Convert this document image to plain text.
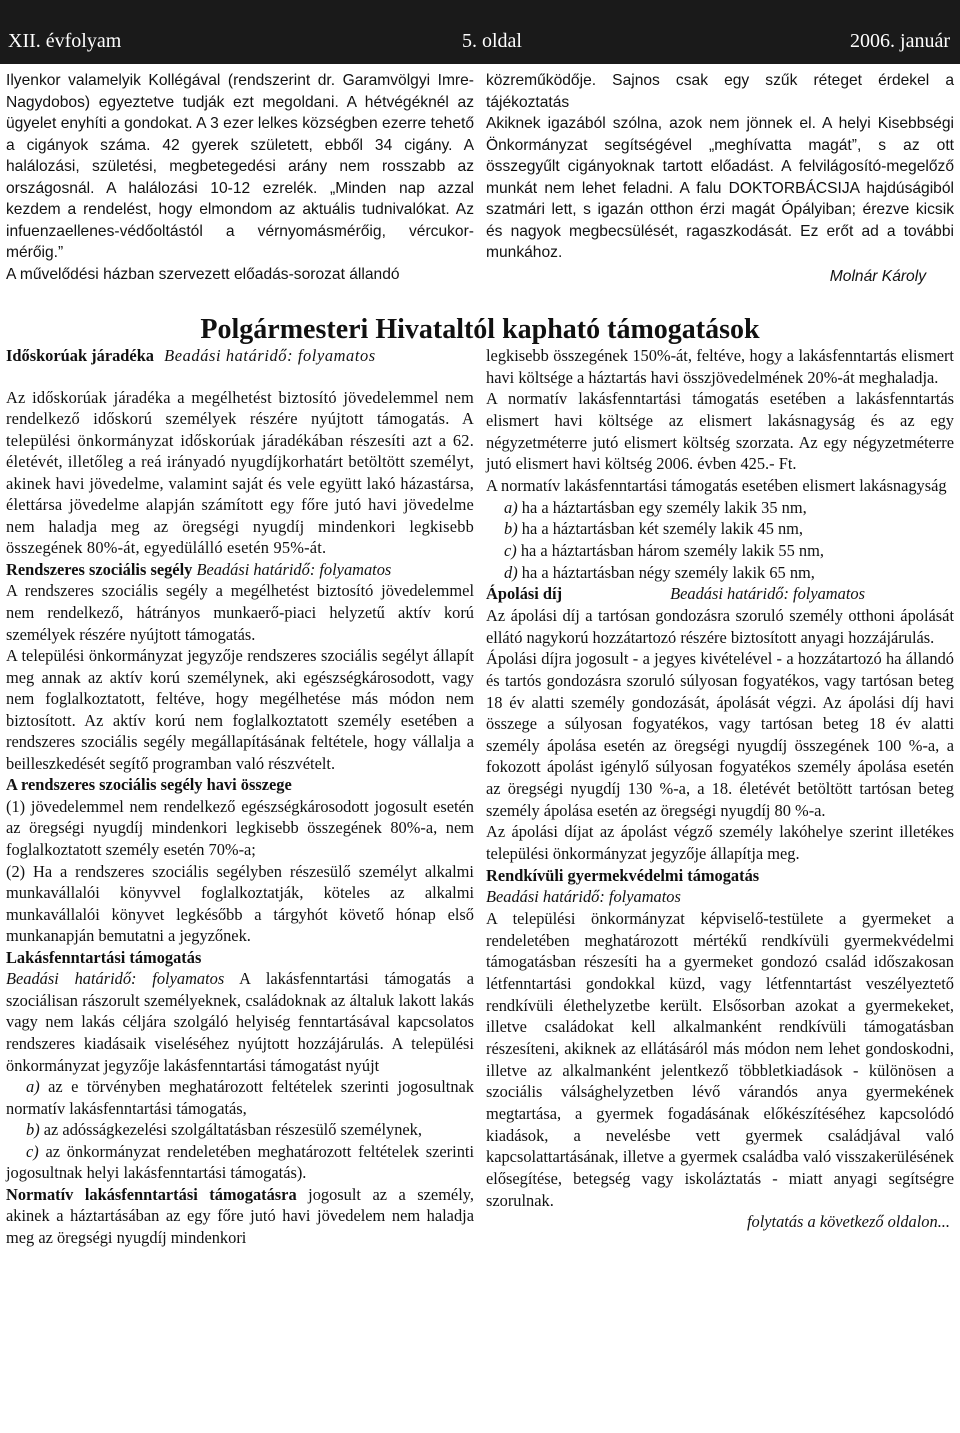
XII. évfolyam	5. oldal	2006. január

Ilyenkor valamelyik Kollégával (rendszerint dr. Garamvölgyi Imre- Nagydobos) egyeztetve tudják ezt megoldani. A hétvégéknél az ügyelet enyhíti a gondokat. A 3 ezer lelkes községben ezerre tehető a cigányok száma. 42 gyerek született, ebből 34 cigány. A halálozási, születési, megbetegedési arány nem rosszabb az országosnál. A halálozási 10-12 ezrelék. „Minden nap azzal kezdem a rendelést, hogy elmondom az aktuális tudnivalókat. Az infuenzaellenes-védőoltástól a vérnyomásmérőig, vércukor-mérőig.”

A művelődési házban szervezett előadás-sorozat állandó

közreműködője. Sajnos csak egy szűk réteget érdekel a tájékoztatás

Akiknek igazából szólna, azok nem jönnek el. A helyi Kisebbségi Önkormányzat segítségével „meghívatta magát”, s az ott összegyűlt cigányoknak tartott előadást. A felvilágosító-megelőző munkát nem lehet feladni. A falu DOKTORBÁCSIJA hajdúságiból szatmári lett, s igazán otthon érzi magát Ópályiban; érezve kicsik és nagyok megbecsülését, ragaszkodását. Ez erőt ad a további munkához.

Molnár Károly

Polgármesteri Hivataltól kapható támogatások

Időskorúak járadéka Beadási határidő: folyamatos

Az időskorúak járadéka a megélhetést biztosító jövedelemmel nem rendelkező időskorú személyek részére nyújtott támogatás. A települési önkormányzat időskorúak járadékában részesíti azt a 62. életévét, illetőleg a reá irányadó nyugdíjkorhatárt betöltött személyt, akinek havi jövedelme, valamint saját és vele együtt lakó házastársa, élettársa jövedelme alapján számított egy főre jutó havi jövedelme nem haladja meg az öregségi nyugdíj mindenkori legkisebb összegének 80%-át, egyedülálló esetén 95%-át.

Rendszeres szociális segély Beadási határidő: folyamatos

A rendszeres szociális segély a megélhetést biztosító jövedelemmel nem rendelkező, hátrányos munkaerő-piaci helyzetű aktív korú személyek részére nyújtott támogatás.

A települési önkormányzat jegyzője rendszeres szociális segélyt állapít meg annak az aktív korú személynek, aki egészségkárosodott, vagy nem foglalkoztatott, feltéve, hogy megélhetése más módon nem biztosított. Az aktív korú nem foglalkoztatott személy esetében a rendszeres szociális segély megállapításának feltétele, hogy vállalja a beilleszkedését segítő programban való részvételt.

A rendszeres szociális segély havi összege

(1) jövedelemmel nem rendelkező egészségkárosodott jogosult esetén az öregségi nyugdíj mindenkori legkisebb összegének 80%-a, nem foglalkoztatott személy esetén 70%-a;

(2) Ha a rendszeres szociális segélyben részesülő személyt alkalmi munkavállalói könyvvel foglalkoztatják, köteles az alkalmi munkavállalói könyvet legkésőbb a tárgyhót követő hónap első munkanapján bemutatni a jegyzőnek.

Lakásfenntartási támogatás

Beadási határidő: folyamatos A lakásfenntartási támogatás a szociálisan rászorult személyeknek, családoknak az általuk lakott lakás vagy nem lakás céljára szolgáló helyiség fenntartásával kapcsolatos rendszeres kiadásaik viseléséhez nyújtott hozzájárulás. A települési önkormányzat jegyzője lakásfenntartási támogatást nyújt

a) az e törvényben meghatározott feltételek szerinti jogosultnak normatív lakásfenntartási támogatás,

b) az adósságkezelési szolgáltatásban részesülő személynek,

c) az önkormányzat rendeletében meghatározott feltételek szerinti jogosultnak helyi lakásfenntartási támogatás).

Normatív lakásfenntartási támogatásra jogosult az a személy, akinek a háztartásában az egy főre jutó havi jövedelem nem haladja meg az öregségi nyugdíj mindenkori

legkisebb összegének 150%-át, feltéve, hogy a lakásfenntartás elismert havi költsége a háztartás havi összjövedelmének 20%-át meghaladja.

A normatív lakásfenntartási támogatás esetében a lakásfenntartás elismert havi költsége az elismert lakásnagyság és az egy négyzetméterre jutó elismert költség szorzata. Az egy négyzetméterre jutó elismert havi költség 2006. évben 425.- Ft.

A normatív lakásfenntartási támogatás esetében elismert lakásnagyság

a) ha a háztartásban egy személy lakik 35 nm,

b) ha a háztartásban két személy lakik 45 nm,

c) ha a háztartásban három személy lakik 55 nm,

d) ha a háztartásban négy személy lakik 65 nm,

Ápolási díj	Beadási határidő: folyamatos

Az ápolási díj a tartósan gondozásra szoruló személy otthoni ápolását ellátó nagykorú hozzátartozó részére biztosított anyagi hozzájárulás.

Ápolási díjra jogosult - a jegyes kivételével - a hozzátartozó ha állandó és tartós gondozásra szoruló súlyosan fogyatékos, vagy tartósan beteg 18 év alatti személy gondozását, ápolását végzi. Az ápolási díj havi összege a súlyosan fogyatékos, vagy tartósan beteg 18 év alatti személy ápolása esetén az öregségi nyugdíj összegének 100 %-a, a fokozott ápolást igénylő súlyosan fogyatékos személy ápolása esetén az öregségi nyugdíj 130 %-a, a 18. életévét betöltött tartósan beteg személy ápolása esetén az öregségi nyugdíj 80 %-a.

Az ápolási díjat az ápolást végző személy lakóhelye szerint illetékes települési önkormányzat jegyzője állapítja meg.

Rendkívüli gyermekvédelmi támogatás

Beadási határidő: folyamatos

A települési önkormányzat képviselő-testülete a gyermeket a rendeletében meghatározott mértékű rendkívüli gyermekvédelmi támogatásban részesíti ha a gyermeket gondozó család időszakosan létfenntartási gondokkal küzd, vagy létfenntartást veszélyeztető rendkívüli élethelyzetbe került. Elsősorban azokat a gyermekeket, illetve családokat kell alkalmanként rendkívüli támogatásban részesíteni, akiknek az ellátásáról más módon nem lehet gondoskodni, illetve az alkalmanként jelentkező többletkiadások - különösen a szociális válsághelyzetben lévő várandós anya gyermekének megtartása, a gyermek fogadásának előkészítéséhez kapcsolódó kiadások, a nevelésbe vett gyermek családjával való kapcsolattartásának, illetve a gyermek családba való visszakerülésének elősegítése, betegség vagy iskoláztatás - miatt anyagi segítségre szorulnak.

folytatás a következő oldalon...
